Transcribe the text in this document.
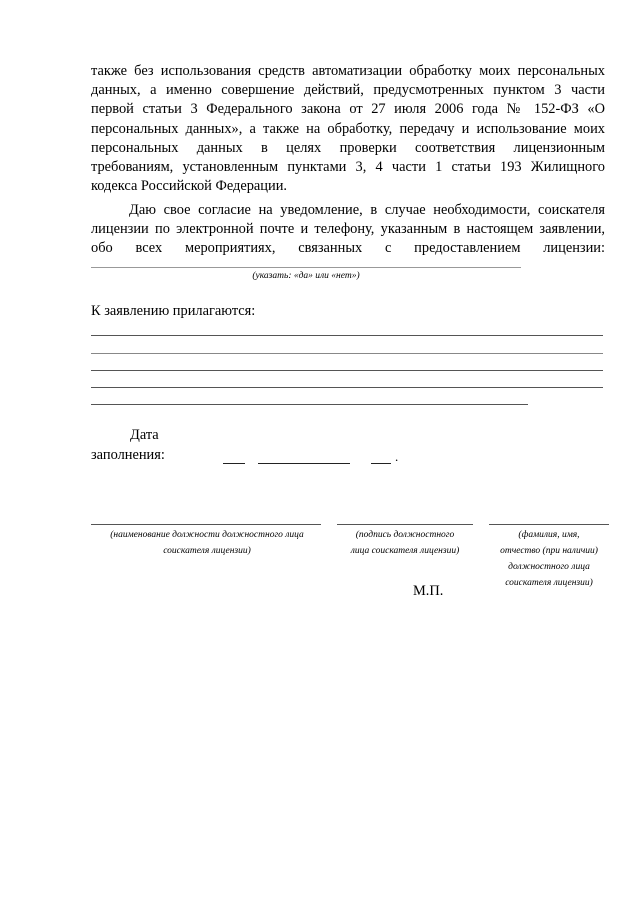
также без использования средств автоматизации обработку моих персональных
данных, а именно совершение действий, предусмотренных пунктом 3 части
первой статьи 3 Федерального закона от 27 июля 2006 года № 152-ФЗ «О
персональных данных», а также на обработку, передачу и использование моих
персональных данных в целях проверки соответствия лицензионным
требованиям, установленным пунктами 3, 4 части 1 статьи 193 Жилищного
кодекса Российской Федерации.
Даю свое согласие на уведомление, в случае необходимости, соискателя
лицензии по электронной почте и телефону, указанным в настоящем заявлении,
обо всех мероприятиях, связанных с предоставлением лицензии:
(указать: «да» или «нет»)
К заявлению прилагаются:
Дата
заполнения:	.
(наименование должности должностного лица
соискателя лицензии)
(подпись должностного
лица соискателя лицензии)
(фамилия, имя,
отчество (при наличии)
должностного лица
соискателя лицензии)
М.П.
